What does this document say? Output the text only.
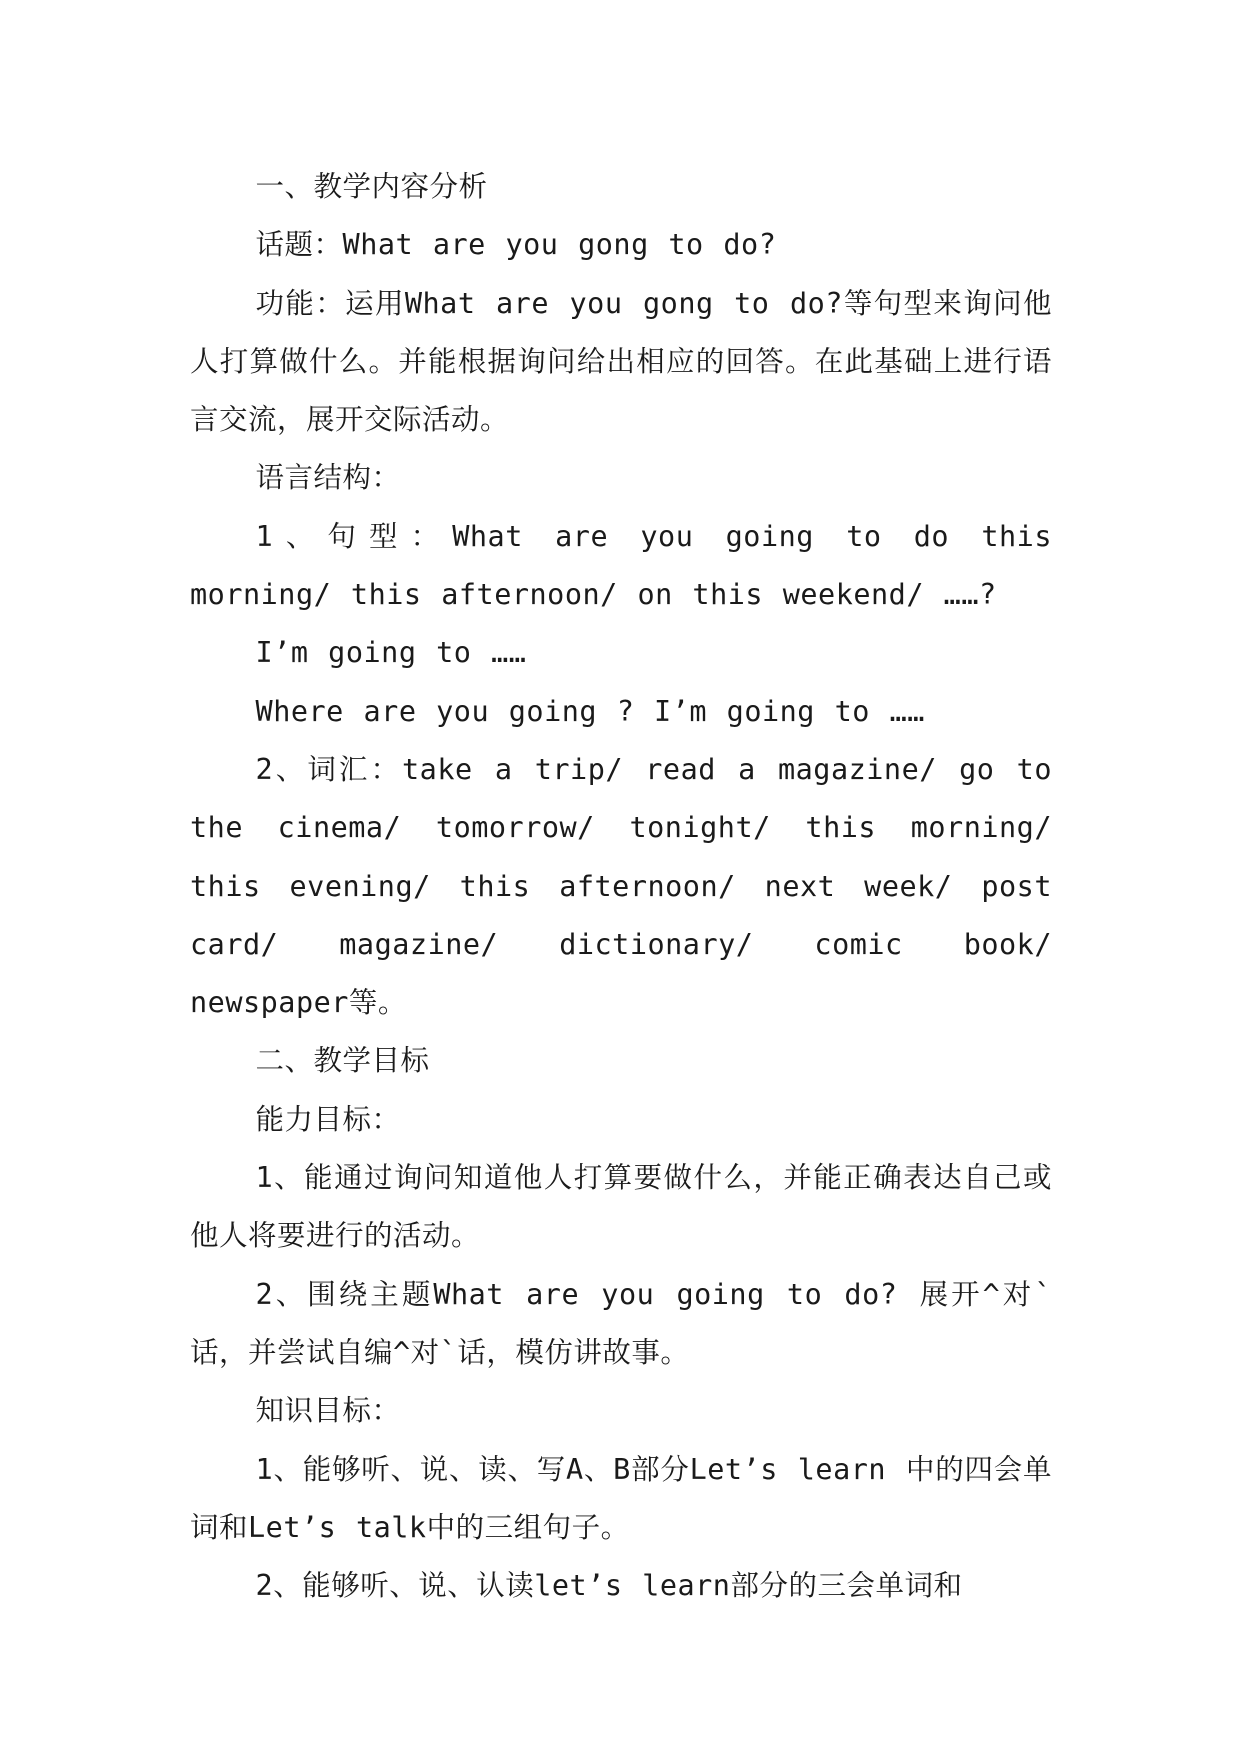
一、教学内容分析

话题：What are you gong to do?

功能：运用What are you gong to do?等句型来询问他人打算做什么。并能根据询问给出相应的回答。在此基础上进行语言交流，展开交际活动。

语言结构：

1、句型：What are you going to do this morning/ this afternoon/ on this weekend/ ……?

I’m going to ……

Where are you going ? I’m going to ……

2、词汇：take a trip/ read a magazine/ go to the cinema/ tomorrow/ tonight/ this morning/ this evening/ this afternoon/ next week/ post card/ magazine/ dictionary/ comic book/ newspaper等。

二、教学目标

能力目标：

1、能通过询问知道他人打算要做什么，并能正确表达自己或他人将要进行的活动。

2、围绕主题What are you going to do? 展开^对`话，并尝试自编^对`话，模仿讲故事。

知识目标：

1、能够听、说、读、写A、B部分Let’s learn 中的四会单词和Let’s talk中的三组句子。

2、能够听、说、认读let’s learn部分的三会单词和
